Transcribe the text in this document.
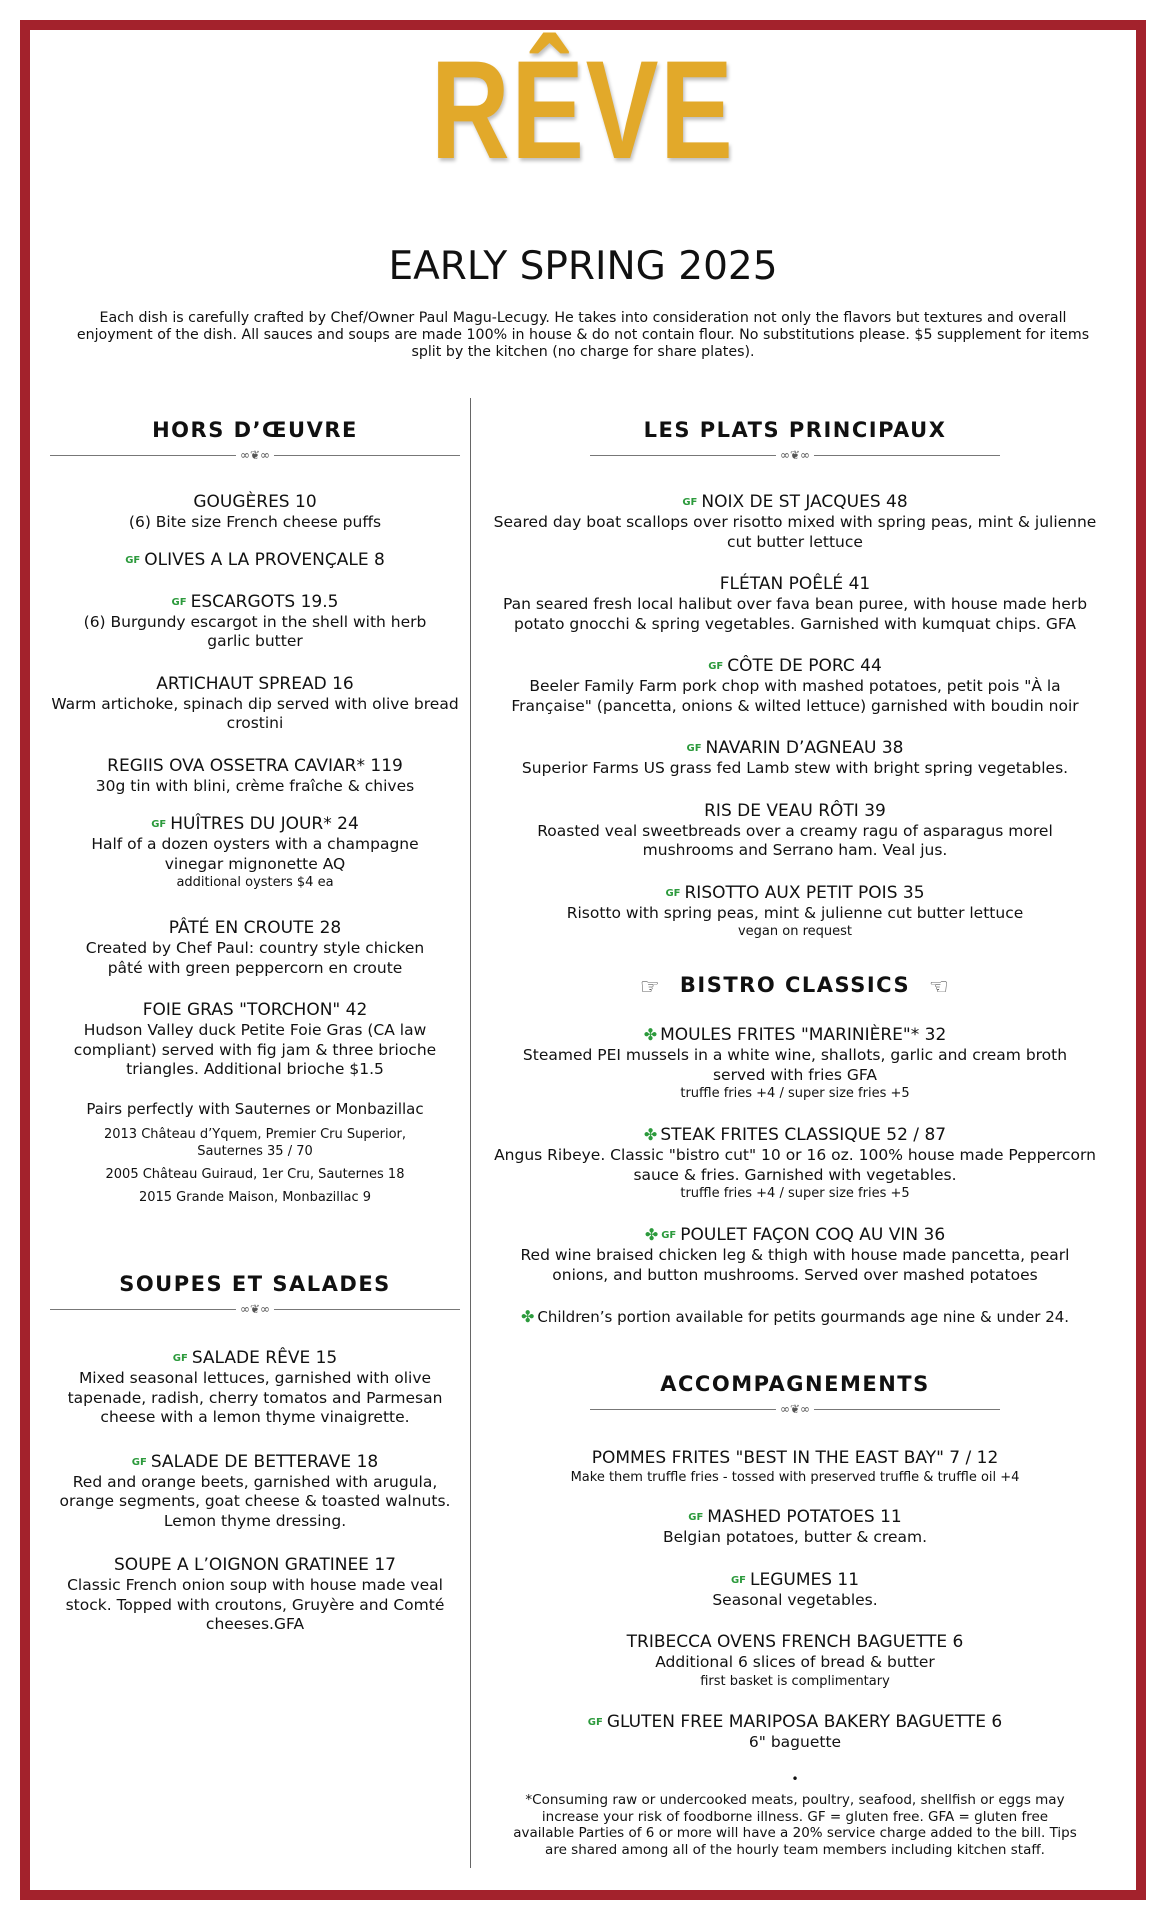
RÊVE
EARLY SPRING 2025
Each dish is carefully crafted by Chef/Owner Paul Magu-Lecugy. He takes into consideration not only the flavors but textures and overall enjoyment of the dish. All sauces and soups are made 100% in house & do not contain flour. No substitutions please. $5 supplement for items split by the kitchen (no charge for share plates).
HORS D’ŒUVRE
∞❦∞
GOUGÈRES 10
(6) Bite size French cheese puffs
GF OLIVES A LA PROVENÇALE 8
GF ESCARGOTS 19.5
(6) Burgundy escargot in the shell with herb garlic butter
ARTICHAUT SPREAD 16
Warm artichoke, spinach dip served with olive bread crostini
REGIIS OVA OSSETRA CAVIAR* 119
30g tin with blini, crème fraîche & chives
GF HUÎTRES DU JOUR* 24
Half of a dozen oysters with a champagne vinegar mignonette AQ
additional oysters $4 ea
PÂTÉ EN CROUTE 28
Created by Chef Paul: country style chicken pâté with green peppercorn en croute
FOIE GRAS "TORCHON" 42
Hudson Valley duck Petite Foie Gras (CA law compliant) served with fig jam & three brioche triangles. Additional brioche $1.5
Pairs perfectly with Sauternes or Monbazillac
2013 Château d’Yquem, Premier Cru Superior, Sauternes 35 / 70
2005 Château Guiraud, 1er Cru, Sauternes 18
2015 Grande Maison, Monbazillac 9
SOUPES ET SALADES
∞❦∞
GF SALADE RÊVE 15
Mixed seasonal lettuces, garnished with olive tapenade, radish, cherry tomatos and Parmesan cheese with a lemon thyme vinaigrette.
GF SALADE DE BETTERAVE 18
Red and orange beets, garnished with arugula, orange segments, goat cheese & toasted walnuts. Lemon thyme dressing.
SOUPE A L’OIGNON GRATINEE 17
Classic French onion soup with house made veal stock. Topped with croutons, Gruyère and Comté cheeses.GFA
LES PLATS PRINCIPAUX
∞❦∞
GF NOIX DE ST JACQUES 48
Seared day boat scallops over risotto mixed with spring peas, mint & julienne cut butter lettuce
FLÉTAN POÊLÉ 41
Pan seared fresh local halibut over fava bean puree, with house made herb potato gnocchi & spring vegetables. Garnished with kumquat chips. GFA
GF CÔTE DE PORC 44
Beeler Family Farm pork chop with mashed potatoes, petit pois "À la Française" (pancetta, onions & wilted lettuce) garnished with boudin noir
GF NAVARIN D’AGNEAU 38
Superior Farms US grass fed Lamb stew with bright spring vegetables.
RIS DE VEAU RÔTI 39
Roasted veal sweetbreads over a creamy ragu of asparagus morel mushrooms and Serrano ham. Veal jus.
GF RISOTTO AUX PETIT POIS 35
Risotto with spring peas, mint & julienne cut butter lettuce
vegan on request
☞ BISTRO CLASSICS ☜
✤ MOULES FRITES "MARINIÈRE"* 32
Steamed PEI mussels in a white wine, shallots, garlic and cream broth served with fries GFA
truffle fries +4 / super size fries +5
✤ STEAK FRITES CLASSIQUE 52 / 87
Angus Ribeye. Classic "bistro cut" 10 or 16 oz. 100% house made Peppercorn sauce & fries. Garnished with vegetables.
truffle fries +4 / super size fries +5
✤ GF POULET FAÇON COQ AU VIN 36
Red wine braised chicken leg & thigh with house made pancetta, pearl onions, and button mushrooms. Served over mashed potatoes
✤ Children’s portion available for petits gourmands age nine & under 24.
ACCOMPAGNEMENTS
∞❦∞
POMMES FRITES "BEST IN THE EAST BAY" 7 / 12
Make them truffle fries - tossed with preserved truffle & truffle oil +4
GF MASHED POTATOES 11
Belgian potatoes, butter & cream.
GF LEGUMES 11
Seasonal vegetables.
TRIBECCA OVENS FRENCH BAGUETTE 6
Additional 6 slices of bread & butter
first basket is complimentary
GF GLUTEN FREE MARIPOSA BAKERY BAGUETTE 6
6" baguette
•
*Consuming raw or undercooked meats, poultry, seafood, shellfish or eggs may increase your risk of foodborne illness. GF = gluten free. GFA = gluten free available Parties of 6 or more will have a 20% service charge added to the bill. Tips are shared among all of the hourly team members including kitchen staff.
